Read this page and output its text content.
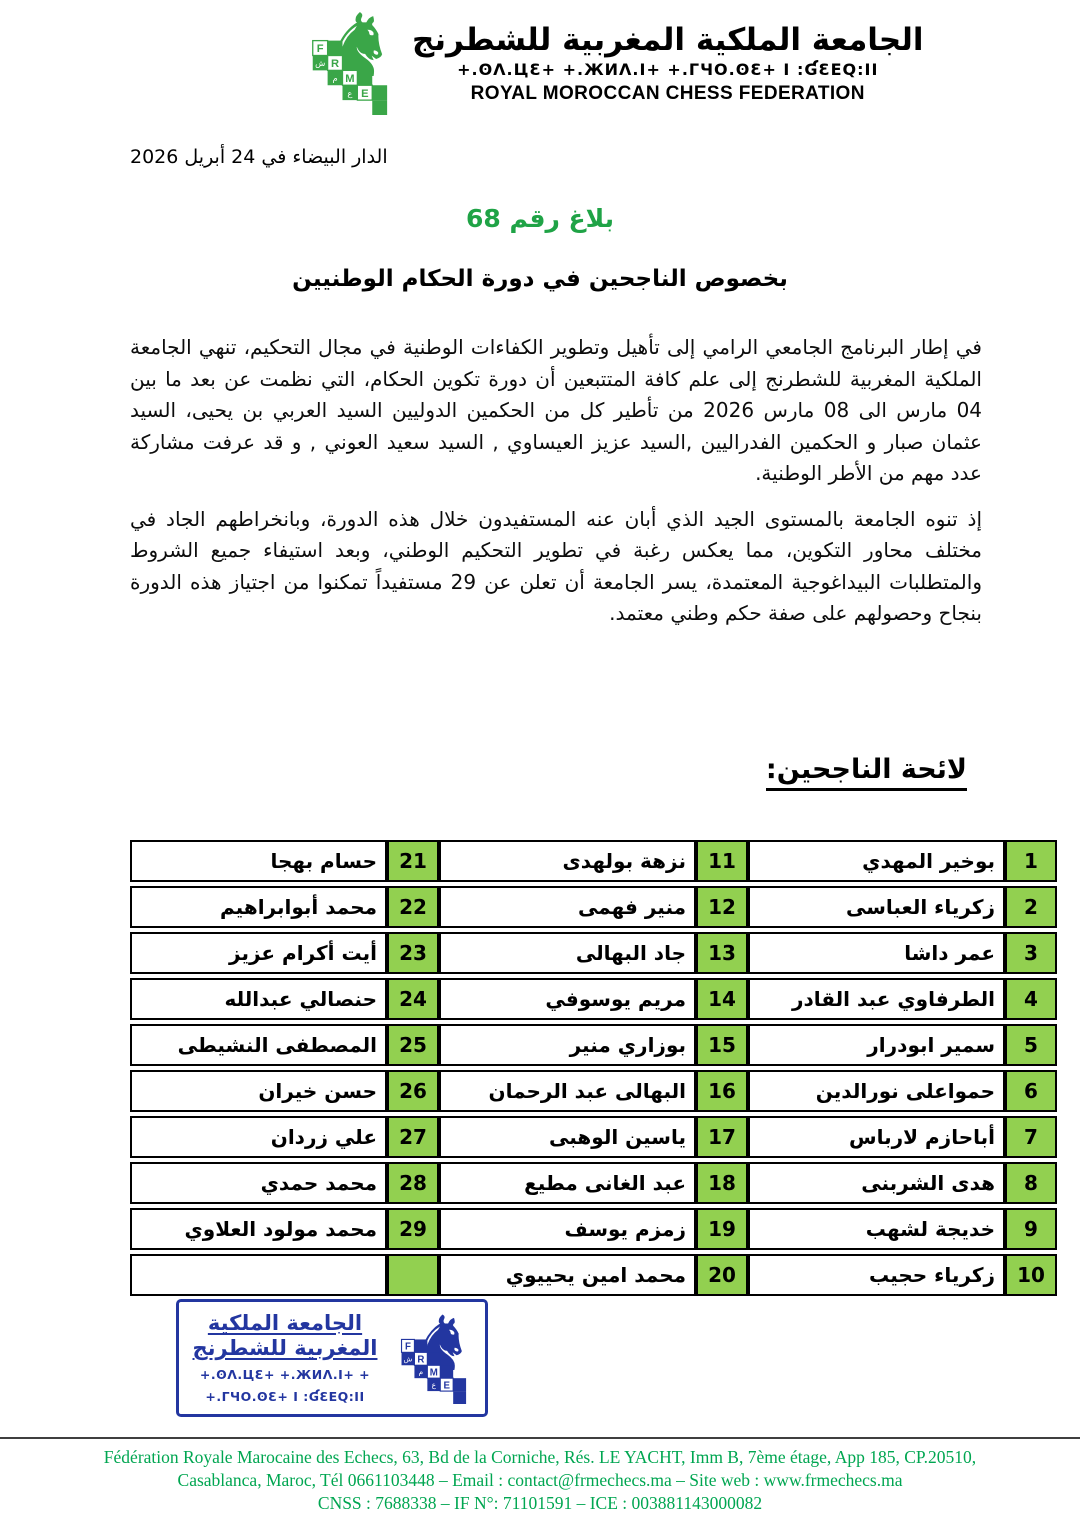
الجامعة الملكية المغربية للشطرنج
+.ʘΛ.ЦƐ+ +.ЖИΛ.Ι+ +.ΓЧΟ.ʘƐ+ Ι :ƓƐΕQ:ΙΙ
ROYAL MOROCCAN CHESS FEDERATION
الدار البيضاء في 24 أبريل 2026
بلاغ رقم 68
بخصوص الناجحين في دورة الحكام الوطنيين

في إطار البرنامج الجامعي الرامي إلى تأهيل وتطوير الكفاءات الوطنية في مجال التحكيم، تنهي الجامعة الملكية المغربية للشطرنج إلى علم كافة المتتبعين أن دورة تكوين الحكام، التي نظمت عن بعد ما بين 04 مارس الى 08 مارس 2026 من تأطير كل من الحكمين الدوليين السيد العربي بن يحيى، السيد عثمان صبار و الحكمين الفدراليين ,السيد عزيز العيساوي , السيد سعيد العوني , و قد عرفت مشاركة عدد مهم من الأطر الوطنية.

إذ تنوه الجامعة بالمستوى الجيد الذي أبان عنه المستفيدون خلال هذه الدورة، وبانخراطهم الجاد في مختلف محاور التكوين، مما يعكس رغبة في تطوير التحكيم الوطني، وبعد استيفاء جميع الشروط والمتطلبات البيداغوجية المعتمدة، يسر الجامعة أن تعلن عن 29 مستفيداً تمكنوا من اجتياز هذه الدورة بنجاح وحصولهم على صفة حكم وطني معتمد.

لائحة الناجحين:
1	بوخير المهدي	11	نزهة بولهدى	21	حسام بهجا
2	زكرياء العباسى	12	منير فهمى	22	محمد أبوابراهيم
3	عمر داشا	13	جاد البهالى	23	أيت أكرام عزيز
4	الطرفاوي عبد القادر	14	مريم يوسوفي	24	حنصالي عبدالله
5	سمير ابودرار	15	بوزاري منير	25	المصطفى النشيطى
6	حمواعلى نورالدين	16	البهالى عبد الرحمان	26	حسن خيران
7	أباحازم لارباس	17	ياسين الوهبى	27	علي زردان
8	هدى الشربنى	18	عبد الغانى مطيع	28	محمد حمدي
9	خديجة لشهب	19	زمزم يوسف	29	محمد مولود العلاوي
10	زكرياء حجيب	20	محمد امين يحييوي		
الجامعة الملكية
المغربية للشطرنج
+.ʘΛ.ЦƐ+ +.ЖИΛ.Ι+ +
+.ΓЧΟ.ʘƐ+ Ι :ƓƐΕQ:ΙΙ
Fédération Royale Marocaine des Echecs, 63, Bd de la Corniche, Rés. LE YACHT, Imm B, 7ème étage, App 185, CP.20510,
Casablanca, Maroc, Tél 0661103448 – Email : contact@frmechecs.ma – Site web : www.frmechecs.ma
CNSS : 7688338 – IF N°: 71101591 – ICE : 003881143000082
